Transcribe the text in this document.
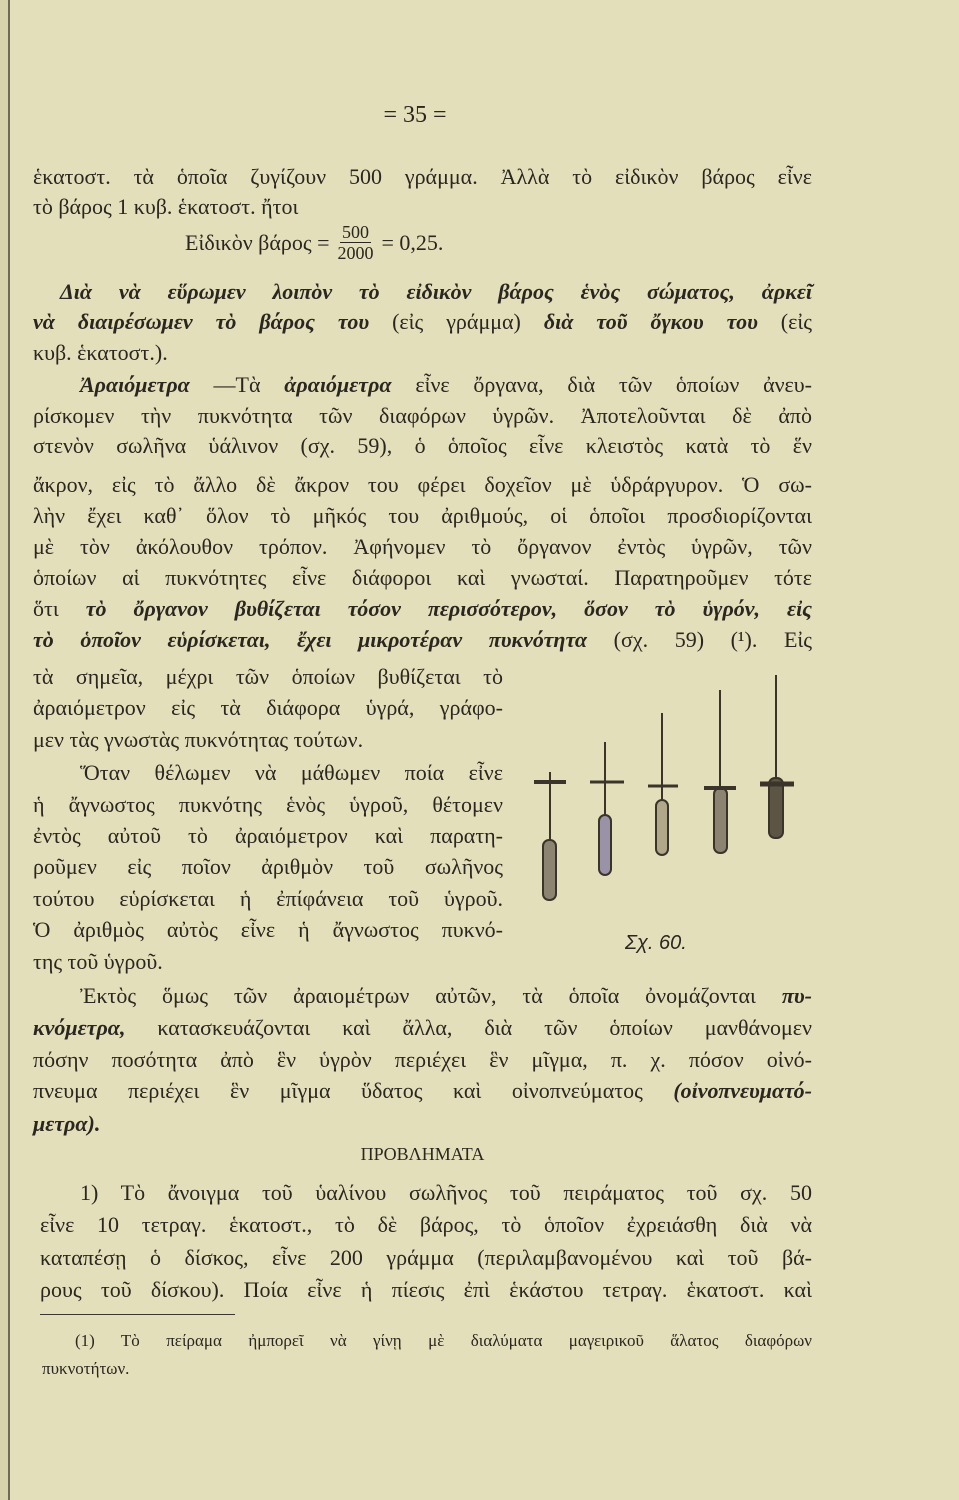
= 35 =
Εἰδικὸν $\beta ά\rho o\varsigma = \frac{500}{2000} = 0,25$.
ἑκατοστ. τὰ ὁποῖα ζυγίζουν 500 γράμμα. Ἀλλὰ τὸ εἰδικὸν βάρος εἶνε
τὸ βάρος 1 κυβ. ἑκατοστ. ἤτοι
Διὰ νὰ εὕρωμεν λοιπὸν τὸ εἰδικὸν βάρος ἑνὸς σώματος, ἀρκεῖ
νὰ διαιρέσωμεν τὸ βάρος του (εἰς γράμμα) διὰ τοῦ ὄγκου του (εἰς
κυβ. ἑκατοστ.).
Ἀραιόμετρα —Τὰ ἀραιόμετρα εἶνε ὄργανα, διὰ τῶν ὁποίων ἀνευ-
ρίσκομεν τὴν πυκνότητα τῶν διαφόρων ὑγρῶν. Ἀποτελοῦνται δὲ ἀπὸ
στενὸν σωλῆνα ὑάλινον (σχ. 59), ὁ ὁποῖος εἶνε κλειστὸς κατὰ τὸ ἕν
ἄκρον, εἰς τὸ ἄλλο δὲ ἄκρον του φέρει δοχεῖον μὲ ὑδράργυρον. Ὁ σω-
λὴν ἔχει καθ᾽ ὅλον τὸ μῆκός του ἀριθμούς, οἱ ὁποῖοι προσδιορίζονται
μὲ τὸν ἀκόλουθον τρόπον. Ἀφήνομεν τὸ ὄργανον ἐντὸς ὑγρῶν, τῶν
ὁποίων αἱ πυκνότητες εἶνε διάφοροι καὶ γνωσταί. Παρατηροῦμεν τότε
ὅτι τὸ ὄργανον βυθίζεται τόσον περισσότερον, ὅσον τὸ ὑγρόν, εἰς
τὸ ὁποῖον εὑρίσκεται, ἔχει μικροτέραν πυκνότητα (σχ. 59) (¹). Εἰς
τὰ σημεῖα, μέχρι τῶν ὁποίων βυθίζεται τὸ
ἀραιόμετρον εἰς τὰ διάφορα ὑγρά, γράφο-
μεν τὰς γνωστὰς πυκνότητας τούτων.
Ὅταν θέλωμεν νὰ μάθωμεν ποία εἶνε
ἡ ἄγνωστος πυκνότης ἑνὸς ὑγροῦ, θέτομεν
ἐντὸς αὐτοῦ τὸ ἀραιόμετρον καὶ παρατη-
ροῦμεν εἰς ποῖον ἀριθμὸν τοῦ σωλῆνος
τούτου εὑρίσκεται ἡ ἐπίφάνεια τοῦ ὑγροῦ.
Ὁ ἀριθμὸς αὐτὸς εἶνε ἡ ἄγνωστος πυκνό-
της τοῦ ὑγροῦ.
Ἐκτὸς ὅμως τῶν ἀραιομέτρων αὐτῶν, τὰ ὁποῖα ὀνομάζονται πυ-
κνόμετρα, κατασκευάζονται καὶ ἄλλα, διὰ τῶν ὁποίων μανθάνομεν
πόσην ποσότητα ἀπὸ ἓν ὑγρὸν περιέχει ἓν μῖγμα, π. χ. πόσον οἰνό-
πνευμα περιέχει ἓν μῖγμα ὕδατος καὶ οἰνοπνεύματος (οἰνοπνευματό-
μετρα).
ΠΡΟΒΛΗΜΑΤΑ
1) Τὸ ἄνοιγμα τοῦ ὑαλίνου σωλῆνος τοῦ πειράματος τοῦ σχ. 50
εἶνε 10 τετραγ. ἑκατοστ., τὸ δὲ βάρος, τὸ ὁποῖον ἐχρειάσθη διὰ νὰ
καταπέσῃ ὁ δίσκος, εἶνε 200 γράμμα (περιλαμβανομένου καὶ τοῦ βά-
ρους τοῦ δίσκου). Ποία εἶνε ἡ πίεσις ἐπὶ ἑκάστου τετραγ. ἑκατοστ. καὶ
(1) Τὸ πείραμα ἠμπορεῖ νὰ γίνῃ μὲ διαλύματα μαγειρικοῦ ἅλατος διαφόρων
πυκνοτήτων.
Σχ. 60.
